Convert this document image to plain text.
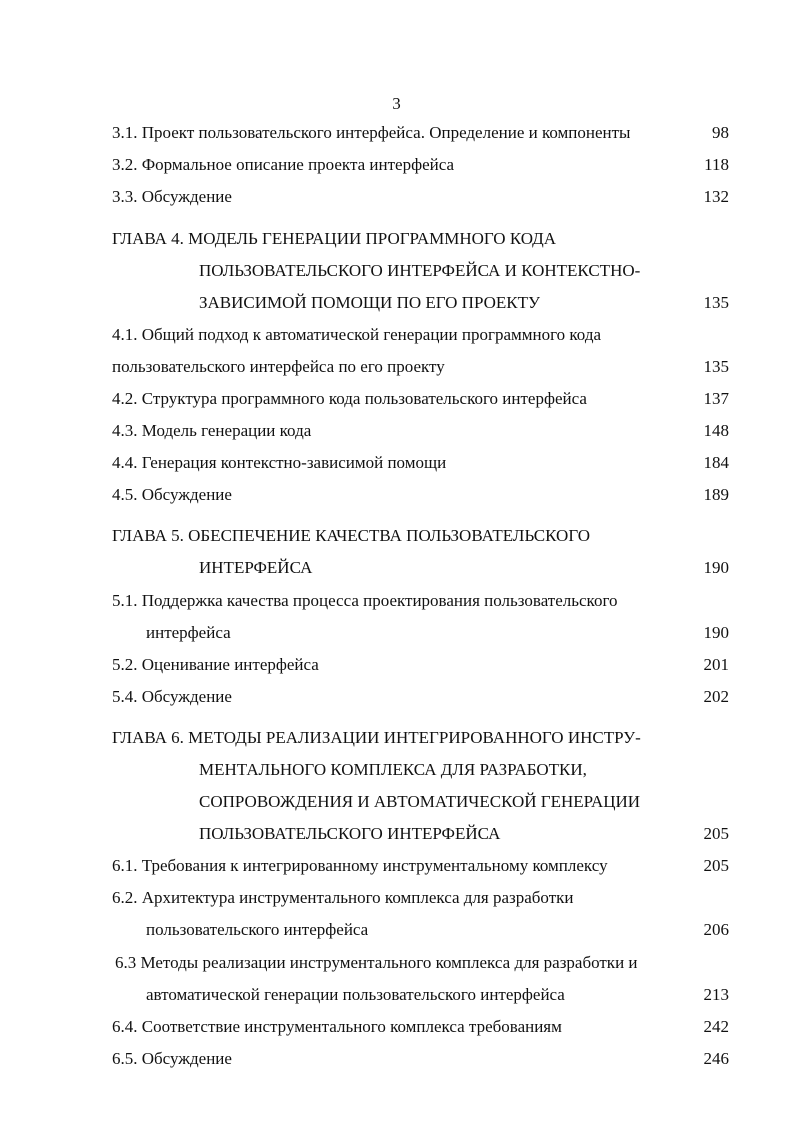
3
3.1. Проект пользовательского интерфейса. Определение и компоненты	98
3.2. Формальное описание проекта интерфейса	118
3.3. Обсуждение	132
ГЛАВА 4. МОДЕЛЬ ГЕНЕРАЦИИ ПРОГРАММНОГО КОДА
ПОЛЬЗОВАТЕЛЬСКОГО ИНТЕРФЕЙСА И КОНТЕКСТНО-
ЗАВИСИМОЙ ПОМОЩИ ПО ЕГО ПРОЕКТУ	135
4.1. Общий подход к автоматической генерации программного кода
пользовательского интерфейса по его проекту	135
4.2. Структура программного кода пользовательского интерфейса	137
4.3. Модель генерации кода	148
4.4. Генерация контекстно-зависимой помощи	184
4.5. Обсуждение	189
ГЛАВА 5. ОБЕСПЕЧЕНИЕ КАЧЕСТВА ПОЛЬЗОВАТЕЛЬСКОГО
ИНТЕРФЕЙСА	190
5.1. Поддержка качества процесса проектирования пользовательского
интерфейса	190
5.2. Оценивание интерфейса	201
5.4. Обсуждение	202
ГЛАВА 6. МЕТОДЫ РЕАЛИЗАЦИИ ИНТЕГРИРОВАННОГО ИНСТРУ-
МЕНТАЛЬНОГО КОМПЛЕКСА ДЛЯ РАЗРАБОТКИ,
СОПРОВОЖДЕНИЯ И АВТОМАТИЧЕСКОЙ ГЕНЕРАЦИИ
ПОЛЬЗОВАТЕЛЬСКОГО ИНТЕРФЕЙСА	205
6.1. Требования к интегрированному инструментальному комплексу	205
6.2. Архитектура инструментального комплекса для разработки
пользовательского интерфейса	206
6.3 Методы реализации инструментального комплекса для разработки и
автоматической генерации пользовательского интерфейса	213
6.4. Соответствие инструментального комплекса требованиям	242
6.5. Обсуждение	246
